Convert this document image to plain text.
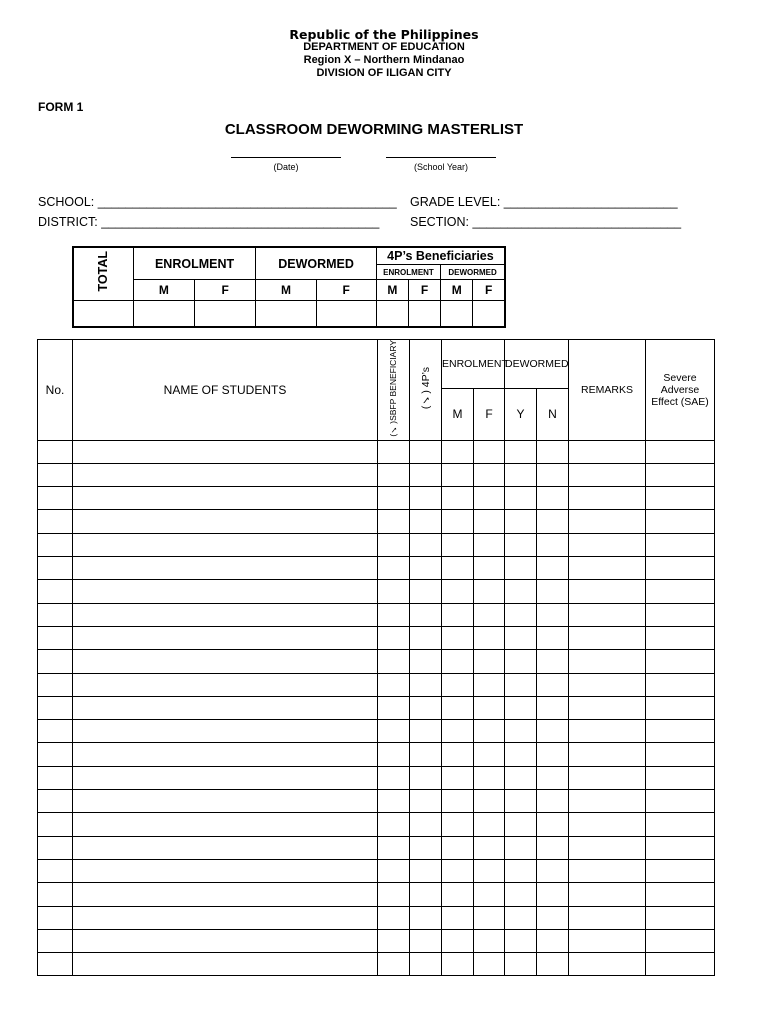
Republic of the Philippines
DEPARTMENT OF EDUCATION
Region X – Northern Mindanao
DIVISION OF ILIGAN CITY
FORM 1
CLASSROOM DEWORMING MASTERLIST
(Date)	(School Year)
SCHOOL: ___________________________________________
DISTRICT: ________________________________________
GRADE LEVEL: _________________________
SECTION: ______________________________
TOTAL	ENROLMENT		DEWORMED		4P’s Beneficiaries			
					ENROLMENT		DEWORMED	
	M	F	M	F	M	F	M	F

No.	NAME OF STUDENTS	(✓)SBFP BENEFICIARY	(✓) 4P’s	ENROLMENT		DEWORMED		REMARKS	Severe Adverse Effect (SAE)
				M	F	Y	N		
